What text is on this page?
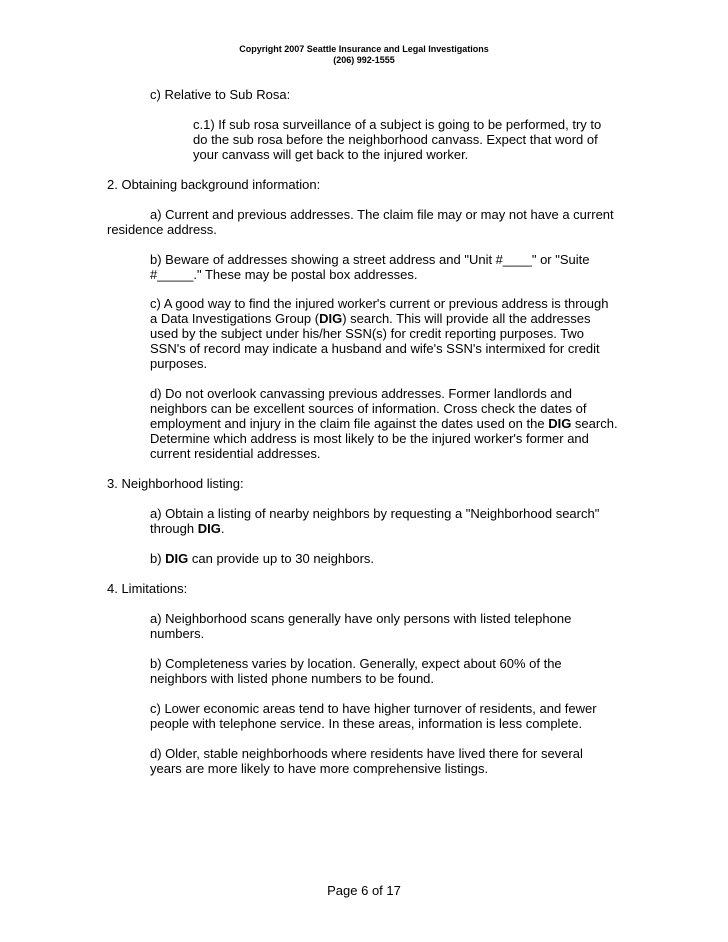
Copyright 2007 Seattle Insurance and Legal Investigations
(206) 992-1555

c) Relative to Sub Rosa:

c.1) If sub rosa surveillance of a subject is going to be performed, try to

do the sub rosa before the neighborhood canvass. Expect that word of

your canvass will get back to the injured worker.

2. Obtaining background information:

a) Current and previous addresses. The claim file may or may not have a current

residence address.

b) Beware of addresses showing a street address and "Unit #____" or "Suite

#_____." These may be postal box addresses.

c) A good way to find the injured worker's current or previous address is through

a Data Investigations Group (DIG) search. This will provide all the addresses

used by the subject under his/her SSN(s) for credit reporting purposes. Two

SSN's of record may indicate a husband and wife's SSN's intermixed for credit

purposes.

d) Do not overlook canvassing previous addresses. Former landlords and

neighbors can be excellent sources of information. Cross check the dates of

employment and injury in the claim file against the dates used on the DIG search.

Determine which address is most likely to be the injured worker's former and

current residential addresses.

3. Neighborhood listing:

a) Obtain a listing of nearby neighbors by requesting a "Neighborhood search"

through DIG.

b) DIG can provide up to 30 neighbors.

4. Limitations:

a) Neighborhood scans generally have only persons with listed telephone

numbers.

b) Completeness varies by location. Generally, expect about 60% of the

neighbors with listed phone numbers to be found.

c) Lower economic areas tend to have higher turnover of residents, and fewer

people with telephone service. In these areas, information is less complete.

d) Older, stable neighborhoods where residents have lived there for several

years are more likely to have more comprehensive listings.

Page 6 of 17
